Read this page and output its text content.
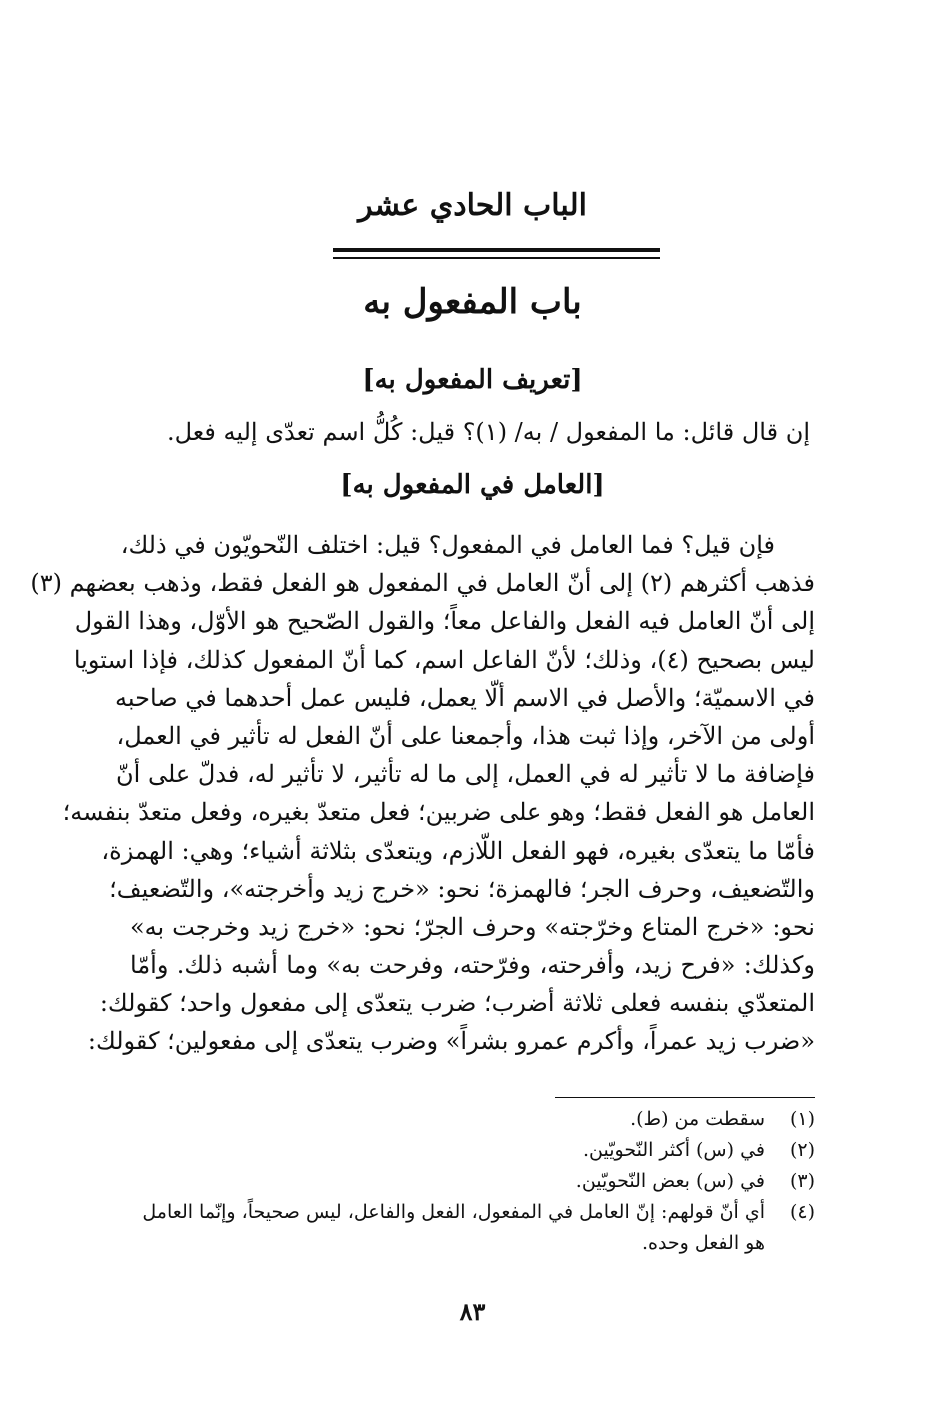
الباب الحادي عشر
باب المفعول به
[تعريف المفعول به]
إن قال قائل: ما المفعول / به/ (١)؟ قيل: كُلُّ اسم تعدّى إليه فعل.
[العامل في المفعول به]
فإن قيل؟ فما العامل في المفعول؟ قيل: اختلف النّحويّون في ذلك،
فذهب أكثرهم (٢) إلى أنّ العامل في المفعول هو الفعل فقط، وذهب بعضهم (٣)
إلى أنّ العامل فيه الفعل والفاعل معاً؛ والقول الصّحيح هو الأوّل، وهذا القول
ليس بصحيح (٤)، وذلك؛ لأنّ الفاعل اسم، كما أنّ المفعول كذلك، فإذا استويا
في الاسميّة؛ والأصل في الاسم ألّا يعمل، فليس عمل أحدهما في صاحبه
أولى من الآخر، وإذا ثبت هذا، وأجمعنا على أنّ الفعل له تأثير في العمل،
فإضافة ما لا تأثير له في العمل، إلى ما له تأثير، لا تأثير له، فدلّ على أنّ
العامل هو الفعل فقط؛ وهو على ضربين؛ فعل متعدّ بغيره، وفعل متعدّ بنفسه؛
فأمّا ما يتعدّى بغيره، فهو الفعل اللّازم، ويتعدّى بثلاثة أشياء؛ وهي: الهمزة،
والتّضعيف، وحرف الجر؛ فالهمزة؛ نحو: «خرج زيد وأخرجته»، والتّضعيف؛
نحو: «خرج المتاع وخرّجته» وحرف الجرّ؛ نحو: «خرج زيد وخرجت به»
وكذلك: «فرح زيد، وأفرحته، وفرّحته، وفرحت به» وما أشبه ذلك. وأمّا
المتعدّي بنفسه فعلى ثلاثة أضرب؛ ضرب يتعدّى إلى مفعول واحد؛ كقولك:
«ضرب زيد عمراً، وأكرم عمرو بشراً» وضرب يتعدّى إلى مفعولين؛ كقولك:
(١)
سقطت من (ط).
(٢)
في (س) أكثر النّحويّين.
(٣)
في (س) بعض النّحويّين.
(٤)
أي أنّ قولهم: إنّ العامل في المفعول، الفعل والفاعل، ليس صحيحاً، وإنّما العامل
هو الفعل وحده.
٨٣
